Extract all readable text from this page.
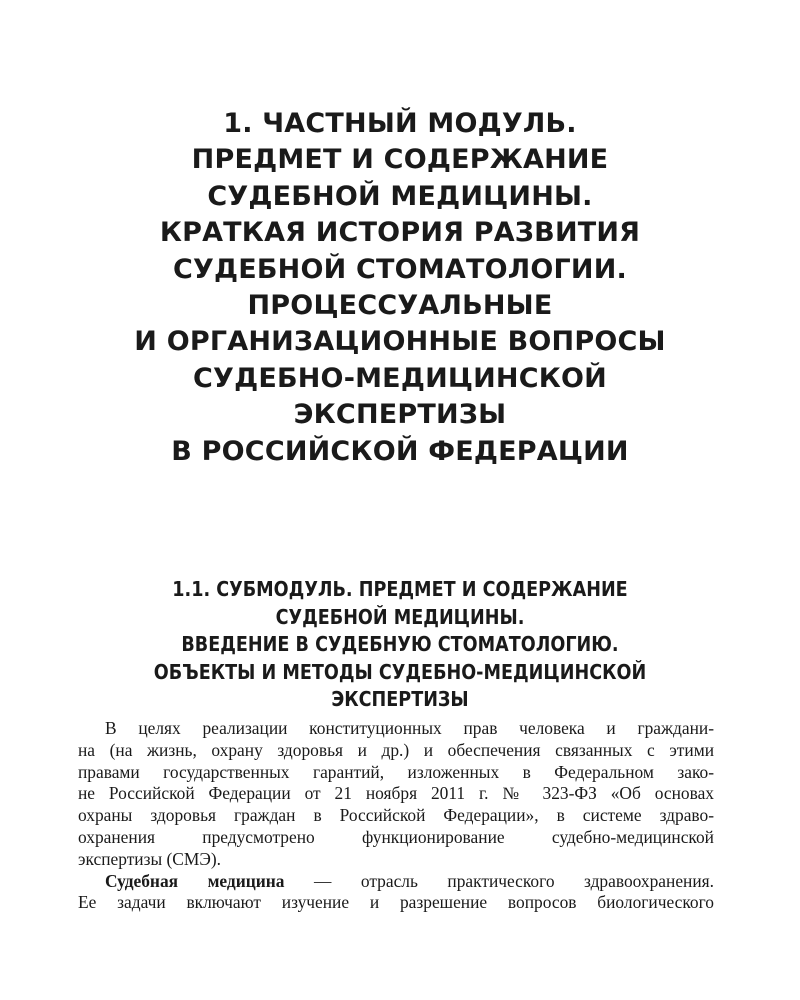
1. ЧАСТНЫЙ МОДУЛЬ.
ПРЕДМЕТ И СОДЕРЖАНИЕ
СУДЕБНОЙ МЕДИЦИНЫ.
КРАТКАЯ ИСТОРИЯ РАЗВИТИЯ
СУДЕБНОЙ СТОМАТОЛОГИИ.
ПРОЦЕССУАЛЬНЫЕ
И ОРГАНИЗАЦИОННЫЕ ВОПРОСЫ
СУДЕБНО-МЕДИЦИНСКОЙ
ЭКСПЕРТИЗЫ
В РОССИЙСКОЙ ФЕДЕРАЦИИ
1.1. СУБМОДУЛЬ. ПРЕДМЕТ И СОДЕРЖАНИЕ
СУДЕБНОЙ МЕДИЦИНЫ.
ВВЕДЕНИЕ В СУДЕБНУЮ СТОМАТОЛОГИЮ.
ОБЪЕКТЫ И МЕТОДЫ СУДЕБНО-МЕДИЦИНСКОЙ
ЭКСПЕРТИЗЫ
В целях реализации конституционных прав человека и граждани-
на (на жизнь, охрану здоровья и др.) и обеспечения связанных с этими
правами государственных гарантий, изложенных в Федеральном зако-
не Российской Федерации от 21 ноября 2011 г. № 323-ФЗ «Об основах
охраны здоровья граждан в Российской Федерации», в системе здраво-
охранения предусмотрено функционирование судебно-медицинской
экспертизы (СМЭ).
Судебная медицина — отрасль практического здравоохранения.
Ее задачи включают изучение и разрешение вопросов биологического
